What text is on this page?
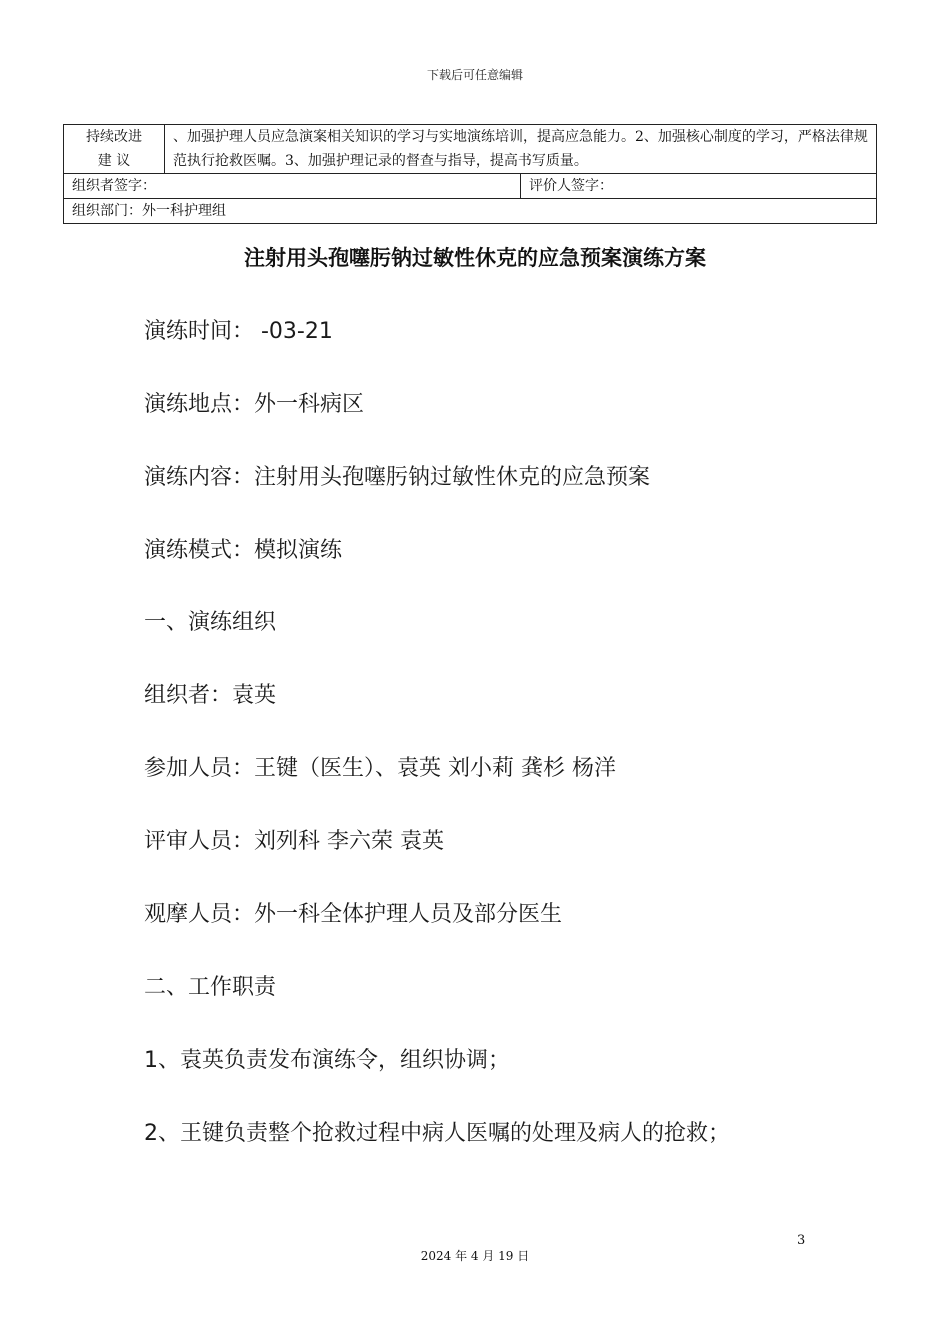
下载后可任意编辑
持续改进
建 议	、加强护理人员应急演案相关知识的学习与实地演练培训，提高应急能力。2、加强核心制度的学习，严格法律规范执行抢救医嘱。3、加强护理记录的督查与指导，提高书写质量。	
组织者签字：		评价人签字：
组织部门：外一科护理组		
注射用头孢噻肟钠过敏性休克的应急预案演练方案
演练时间： -03-21
演练地点：外一科病区
演练内容：注射用头孢噻肟钠过敏性休克的应急预案
演练模式：模拟演练
一、演练组织
组织者：袁英
参加人员：王键（医生）、袁英 刘小莉 龚杉 杨洋
评审人员：刘列科 李六荣 袁英
观摩人员：外一科全体护理人员及部分医生
二、工作职责
1、袁英负责发布演练令，组织协调；
2、王键负责整个抢救过程中病人医嘱的处理及病人的抢救；
3
2024 年 4 月 19 日
